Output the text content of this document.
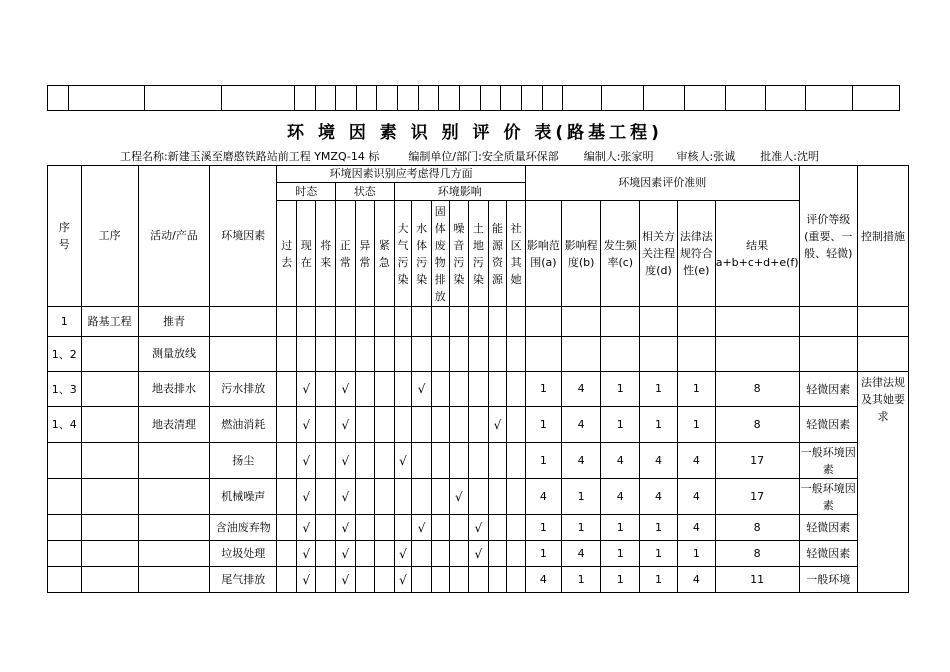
环 境 因 素 识 别 评 价 表(路基工程)
工程名称:新建玉溪至磨憨铁路站前工程 YMZQ-14 标	编制单位/部门:安全质量环保部 编制人:张家明 审核人:张诚 批准人:沈明
序号	工序	活动/产品	环境因素	环境因素识别应考虑得几方面													环境因素评价准则						评价等级(重要、一般、轻微)	控制措施
				时态			状态			环境影响														
				过去	现在	将来	正常	异常	紧急	大气污染	水体污染	固体废物排放	噪音污染	土地污染	能源资源	社区其她	影响范围(a)	影响程度(b)	发生频率(c)	相关方关注程度(d)	法律法规符合性(e)	结果a+b+c+d+e(f)		
1	路基工程	推青																						
1、2		测量放线																						
1、3		地表排水	污水排放		√		√				√						1	4	1	1	1	8	轻微因素	法律法规及其她要求
1、4		地表清理	燃油消耗		√		√								√		1	4	1	1	1	8	轻微因素	
			扬尘		√		√			√							1	4	4	4	4	17	一般环境因素	
			机械噪声		√		√						√				4	1	4	4	4	17	一般环境因素	
			含油废弃物		√		√				√			√			1	1	1	1	4	8	轻微因素	
			垃圾处理		√		√			√				√			1	4	1	1	1	8	轻微因素	
			尾气排放		√		√			√							4	1	1	1	4	11	一般环境	
